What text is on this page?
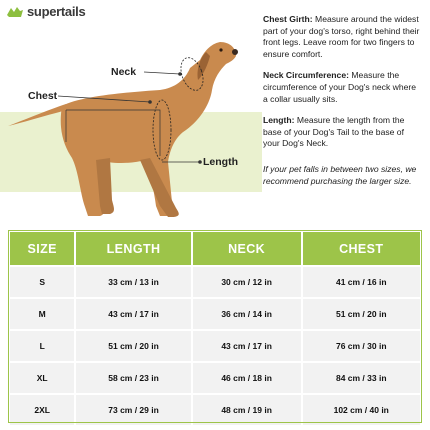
supertails
Neck
Chest
Length

Chest Girth: Measure around the widest part of your dog's torso, right behind their front legs. Leave room for two fingers to ensure comfort.

Neck Circumference: Measure the circumference of your Dog's neck where a collar usually sits.

Length: Measure the length from the base of your Dog's Tail to the base of your Dog's Neck.

If your pet falls in between two sizes, we recommend purchasing the larger size.

SIZE	LENGTH	NECK	CHEST
S	33 cm / 13 in	30 cm / 12 in	41 cm / 16 in
M	43 cm / 17 in	36 cm / 14 in	51 cm / 20 in
L	51 cm / 20 in	43 cm / 17 in	76 cm / 30 in
XL	58 cm / 23 in	46 cm / 18 in	84 cm / 33 in
2XL	73 cm / 29 in	48 cm / 19 in	102 cm / 40 in
